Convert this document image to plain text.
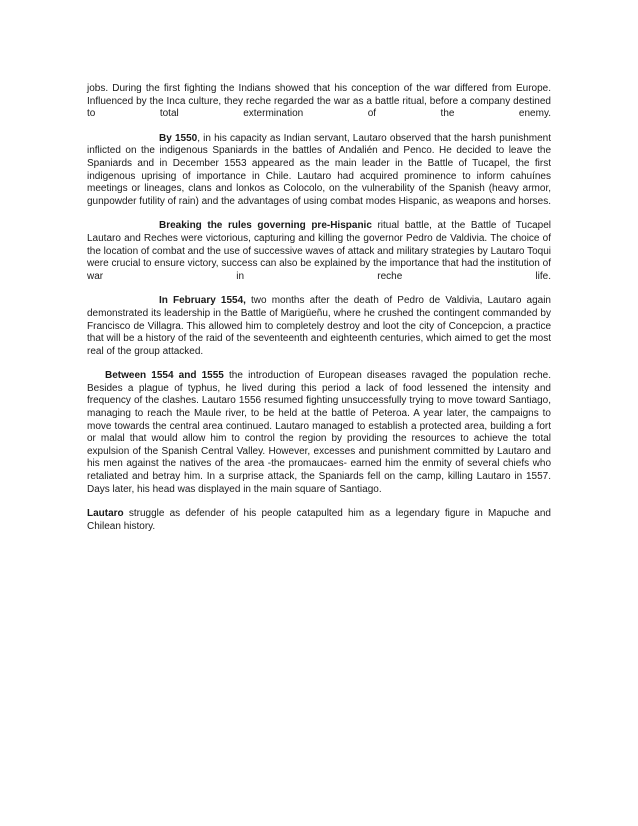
jobs. During the first fighting the Indians showed that his conception of the war differed from Europe. Influenced by the Inca culture, they reche regarded the war as a battle ritual, before a company destined to total extermination of the enemy.

By 1550, in his capacity as Indian servant, Lautaro observed that the harsh punishment inflicted on the indigenous Spaniards in the battles of Andalién and Penco. He decided to leave the Spaniards and in December 1553 appeared as the main leader in the Battle of Tucapel, the first indigenous uprising of importance in Chile. Lautaro had acquired prominence to inform cahuínes meetings or lineages, clans and lonkos as Colocolo, on the vulnerability of the Spanish (heavy armor, gunpowder futility of rain) and the advantages of using combat modes Hispanic, as weapons and horses.

Breaking the rules governing pre-Hispanic ritual battle, at the Battle of Tucapel Lautaro and Reches were victorious, capturing and killing the governor Pedro de Valdivia. The choice of the location of combat and the use of successive waves of attack and military strategies by Lautaro Toqui were crucial to ensure victory, success can also be explained by the importance that had the institution of war in reche life.

In February 1554, two months after the death of Pedro de Valdivia, Lautaro again demonstrated its leadership in the Battle of Marigüeñu, where he crushed the contingent commanded by Francisco de Villagra. This allowed him to completely destroy and loot the city of Concepcion, a practice that will be a history of the raid of the seventeenth and eighteenth centuries, which aimed to get the most real of the group attacked.

Between 1554 and 1555 the introduction of European diseases ravaged the population reche. Besides a plague of typhus, he lived during this period a lack of food lessened the intensity and frequency of the clashes. Lautaro 1556 resumed fighting unsuccessfully trying to move toward Santiago, managing to reach the Maule river, to be held at the battle of Peteroa. A year later, the campaigns to move towards the central area continued. Lautaro managed to establish a protected area, building a fort or malal that would allow him to control the region by providing the resources to achieve the total expulsion of the Spanish Central Valley. However, excesses and punishment committed by Lautaro and his men against the natives of the area -the promaucaes- earned him the enmity of several chiefs who retaliated and betray him. In a surprise attack, the Spaniards fell on the camp, killing Lautaro in 1557. Days later, his head was displayed in the main square of Santiago.

Lautaro struggle as defender of his people catapulted him as a legendary figure in Mapuche and Chilean history.
